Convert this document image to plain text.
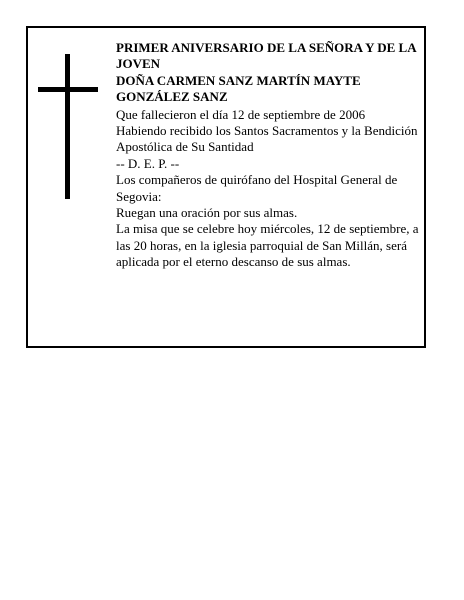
PRIMER ANIVERSARIO DE LA SEÑORA Y DE LA JOVEN

DOÑA CARMEN SANZ MARTÍN MAYTE GONZÁLEZ SANZ

Que fallecieron el día 12 de septiembre de 2006

Habiendo recibido los Santos Sacramentos y la Bendición Apostólica de Su Santidad

-- D. E. P. --

Los compañeros de quirófano del Hospital General de Segovia:

Ruegan una oración por sus almas.

La misa que se celebre hoy miércoles, 12 de septiembre, a las 20 horas, en la iglesia parroquial de San Millán, será aplicada por el eterno descanso de sus almas.
